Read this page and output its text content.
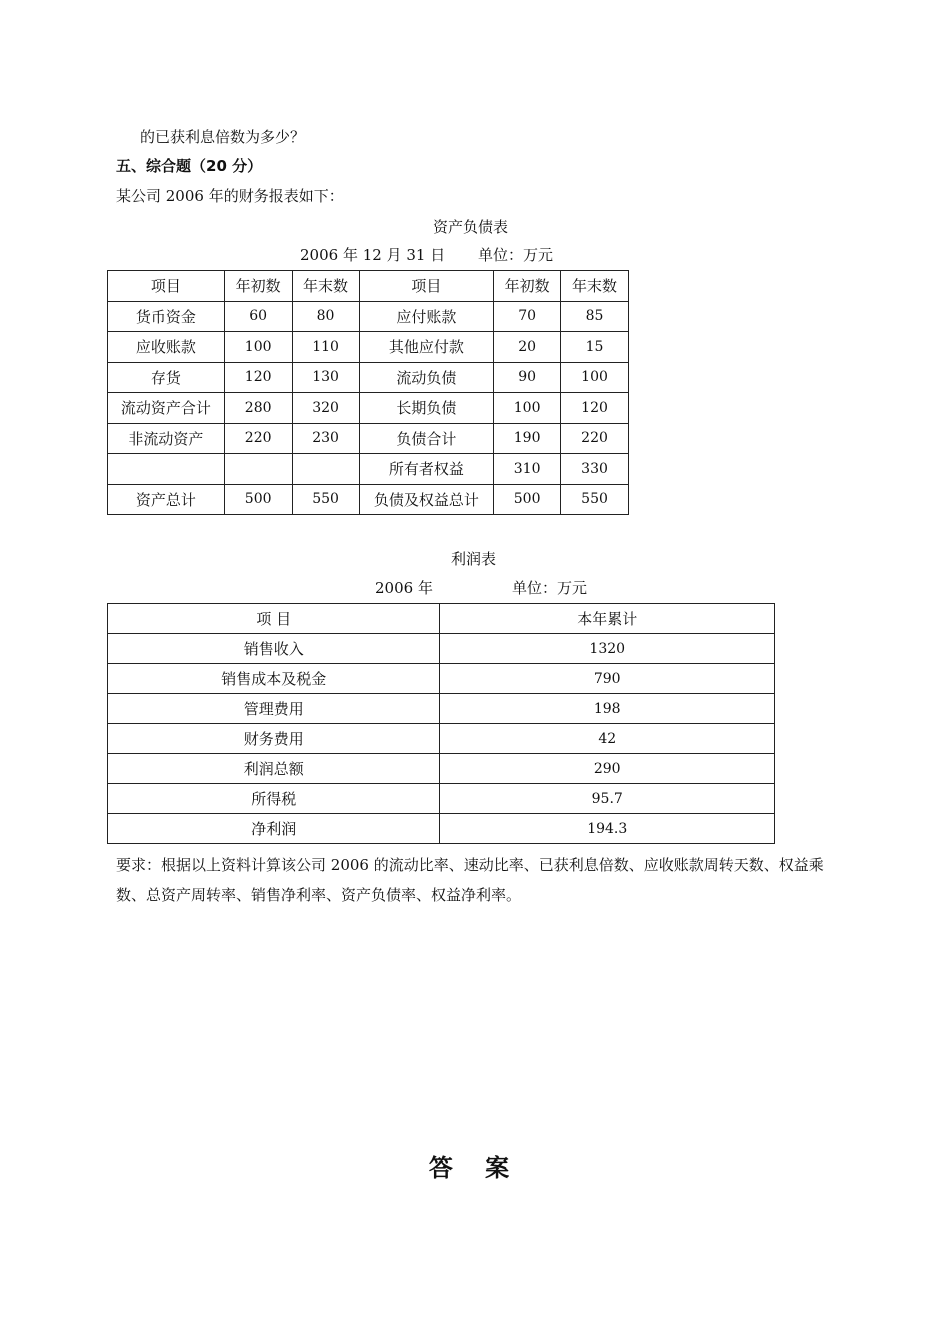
的已获利息倍数为多少？
五、综合题（20 分）
某公司 2006 年的财务报表如下：
资产负债表
2006 年 12 月 31 日 单位：万元
项目	年初数	年末数	项目	年初数	年末数
货币资金	60	80	应付账款	70	85
应收账款	100	110	其他应付款	20	15
存货	120	130	流动负债	90	100
流动资产合计	280	320	长期负债	100	120
非流动资产	220	230	负债合计	190	220
			所有者权益	310	330
资产总计	500	550	负债及权益总计	500	550
利润表
2006 年	单位：万元
项 目	本年累计
销售收入	1320
销售成本及税金	790
管理费用	198
财务费用	42
利润总额	290
所得税	95.7
净利润	194.3
要求：根据以上资料计算该公司 2006 的流动比率、速动比率、已获利息倍数、应收账款周转天数、权益乘数、总资产周转率、销售净利率、资产负债率、权益净利率。
答 案
